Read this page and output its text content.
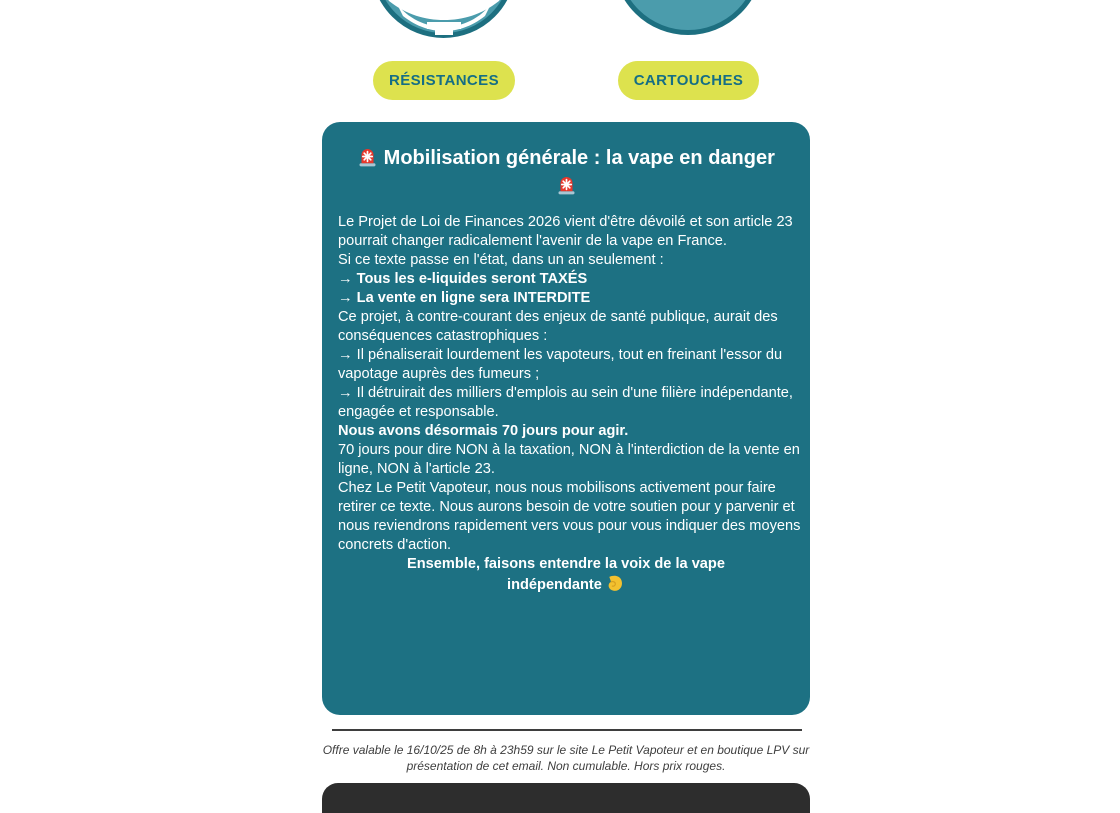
RÉSISTANCES	CARTOUCHES
Mobilisation générale : la vape en danger

Le Projet de Loi de Finances 2026 vient d'être dévoilé et son article 23
pourrait changer radicalement l'avenir de la vape en France.

Si ce texte passe en l'état, dans un an seulement :

→ Tous les e-liquides seront TAXÉS
→ La vente en ligne sera INTERDITE

Ce projet, à contre-courant des enjeux de santé publique, aurait des
conséquences catastrophiques :

→ Il pénaliserait lourdement les vapoteurs, tout en freinant l'essor du
vapotage auprès des fumeurs ;
→ Il détruirait des milliers d'emplois au sein d'une filière indépendante,
engagée et responsable.

Nous avons désormais 70 jours pour agir.

70 jours pour dire NON à la taxation, NON à l'interdiction de la vente en
ligne, NON à l'article 23.

Chez Le Petit Vapoteur, nous nous mobilisons activement pour faire
retirer ce texte. Nous aurons besoin de votre soutien pour y parvenir et
nous reviendrons rapidement vers vous pour vous indiquer des moyens
concrets d'action.

Ensemble, faisons entendre la voix de la vape
indépendante

Offre valable le 16/10/25 de 8h à 23h59 sur le site Le Petit Vapoteur et en boutique LPV sur
présentation de cet email. Non cumulable. Hors prix rouges.
